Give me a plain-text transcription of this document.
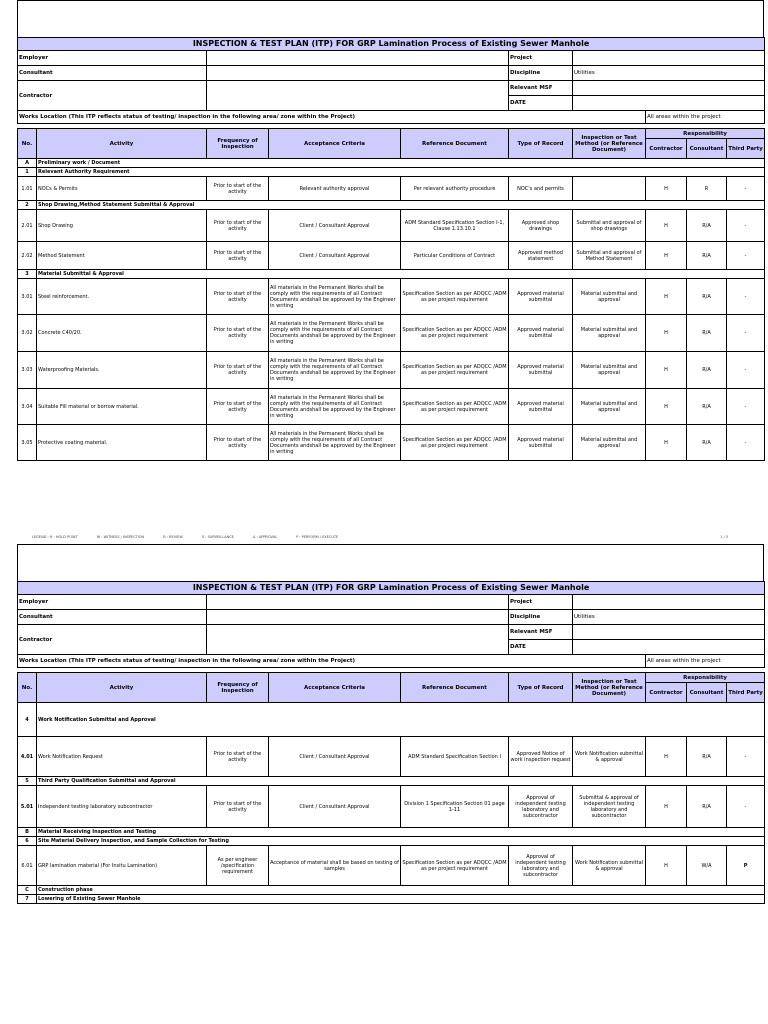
INSPECTION & TEST PLAN (ITP) FOR GRP Lamination Process of Existing Sewer Manhole									
Employer					Project				
Consultant					Discipline	Utilities			
Contractor					Relevant MSF				
					DATE				
Works Location (This ITP reflects status of testing/ inspection in the following area/ zone within the Project)							All areas within the project		

No.	Activity	Frequency of Inspection	Acceptance Criteria	Reference Document	Type of Record	Inspection or Test Method (or Reference Document)	Responsibility		
							Contractor	Consultant	Third Party
A	Preliminary work / Document								
1	Relevant Authority Requirement								
1.01	NOCs & Permits	Prior to start of the activity	Relevant authority approval	Per relevant authority procedure	NOC's and permits		H	R	-
2	Shop Drawing,Method Statement Submittal & Approval								
2.01	Shop Drawing	Prior to start of the activity	Client / Consultant Approval	ADM Standard Specification Section I-1, Clause 1.13.10.1	Approved shop drawings	Submittal and approval of shop drawings	H	R/A	-
2.02	Method Statement	Prior to start of the activity	Client / Consultant Approval	Particular Conditions of Contract	Approved method statement	Submittal and approval of Method Statement	H	R/A	-
3	Material Submittal & Approval								
3.01	Steel reinforcement.	Prior to start of the activity	All materials in the Permanent Works shall be comply with the requirements of all Contract Documents andshall be approved by the Engineer in writing	Specification Section as per ADQCC /ADM as per project requirement	Approved material submittal	Material submittal and approval	H	R/A	-
3.02	Concrete C40/20.	Prior to start of the activity	All materials in the Permanent Works shall be comply with the requirements of all Contract Documents andshall be approved by the Engineer in writing	Specification Section as per ADQCC /ADM as per project requirement	Approved material submittal	Material submittal and approval	H	R/A	-
3.03	Waterproofing Materials.	Prior to start of the activity	All materials in the Permanent Works shall be comply with the requirements of all Contract Documents andshall be approved by the Engineer in writing	Specification Section as per ADQCC /ADM as per project requirement	Approved material submittal	Material submittal and approval	H	R/A	-
3.04	Suitable Fill material or borrow material.	Prior to start of the activity	All materials in the Permanent Works shall be comply with the requirements of all Contract Documents andshall be approved by the Engineer in writing	Specification Section as per ADQCC /ADM as per project requirement	Approved material submittal	Material submittal and approval	H	R/A	-
3.05	Protective coating material.	Prior to start of the activity	All materials in the Permanent Works shall be comply with the requirements of all Contract Documents andshall be approved by the Engineer in writing	Specification Section as per ADQCC /ADM as per project requirement	Approved material submittal	Material submittal and approval	H	R/A	-
LEGEND : H : HOLD POINT	W : WITNESS / INSPECTION	R : REVIEW	S : SURVEILLANCE	A : APPROVAL	P : PERFORM / EXECUTE	1 / 3
INSPECTION & TEST PLAN (ITP) FOR GRP Lamination Process of Existing Sewer Manhole									
Employer					Project				
Consultant					Discipline	Utilities			
Contractor					Relevant MSF				
					DATE				
Works Location (This ITP reflects status of testing/ inspection in the following area/ zone within the Project)							All areas within the project		

No.	Activity	Frequency of Inspection	Acceptance Criteria	Reference Document	Type of Record	Inspection or Test Method (or Reference Document)	Responsibility		
							Contractor	Consultant	Third Party
4	Work Notification Submittal and Approval								
4.01	Work Notification Request	Prior to start of the activity	Client / Consultant Approval	ADM Standard Specification Section I	Approved Notice of work inspection request	Work Notification submittal & approval	H	R/A	-
5	Third Party Qualification Submittal and Approval								
5.01	Independent testing laboratory subcontractor	Prior to start of the activity	Client / Consultant Approval	Division 1 Specification Section 01 page 1-11	Approval of independent testing laboratory and subcontractor	Submittal & approval of independent testing laboratory and subcontractor	H	R/A	-
B	Material Receiving Inspection and Testing								
6	Site Material Delivery Inspection, and Sample Collection for Testing								
6.01	GRP lamination material (For Insitu Lamination)	As per engineer /specification requirement	Acceptance of material shall be based on testing of samples	Specification Section as per ADQCC /ADM as per project requirement	Approval of independent testing laboratory and subcontractor	Work Notification submittal & approval	H	W/A	P
C	Construction phase								
7	Lowering of Existing Sewer Manhole								
